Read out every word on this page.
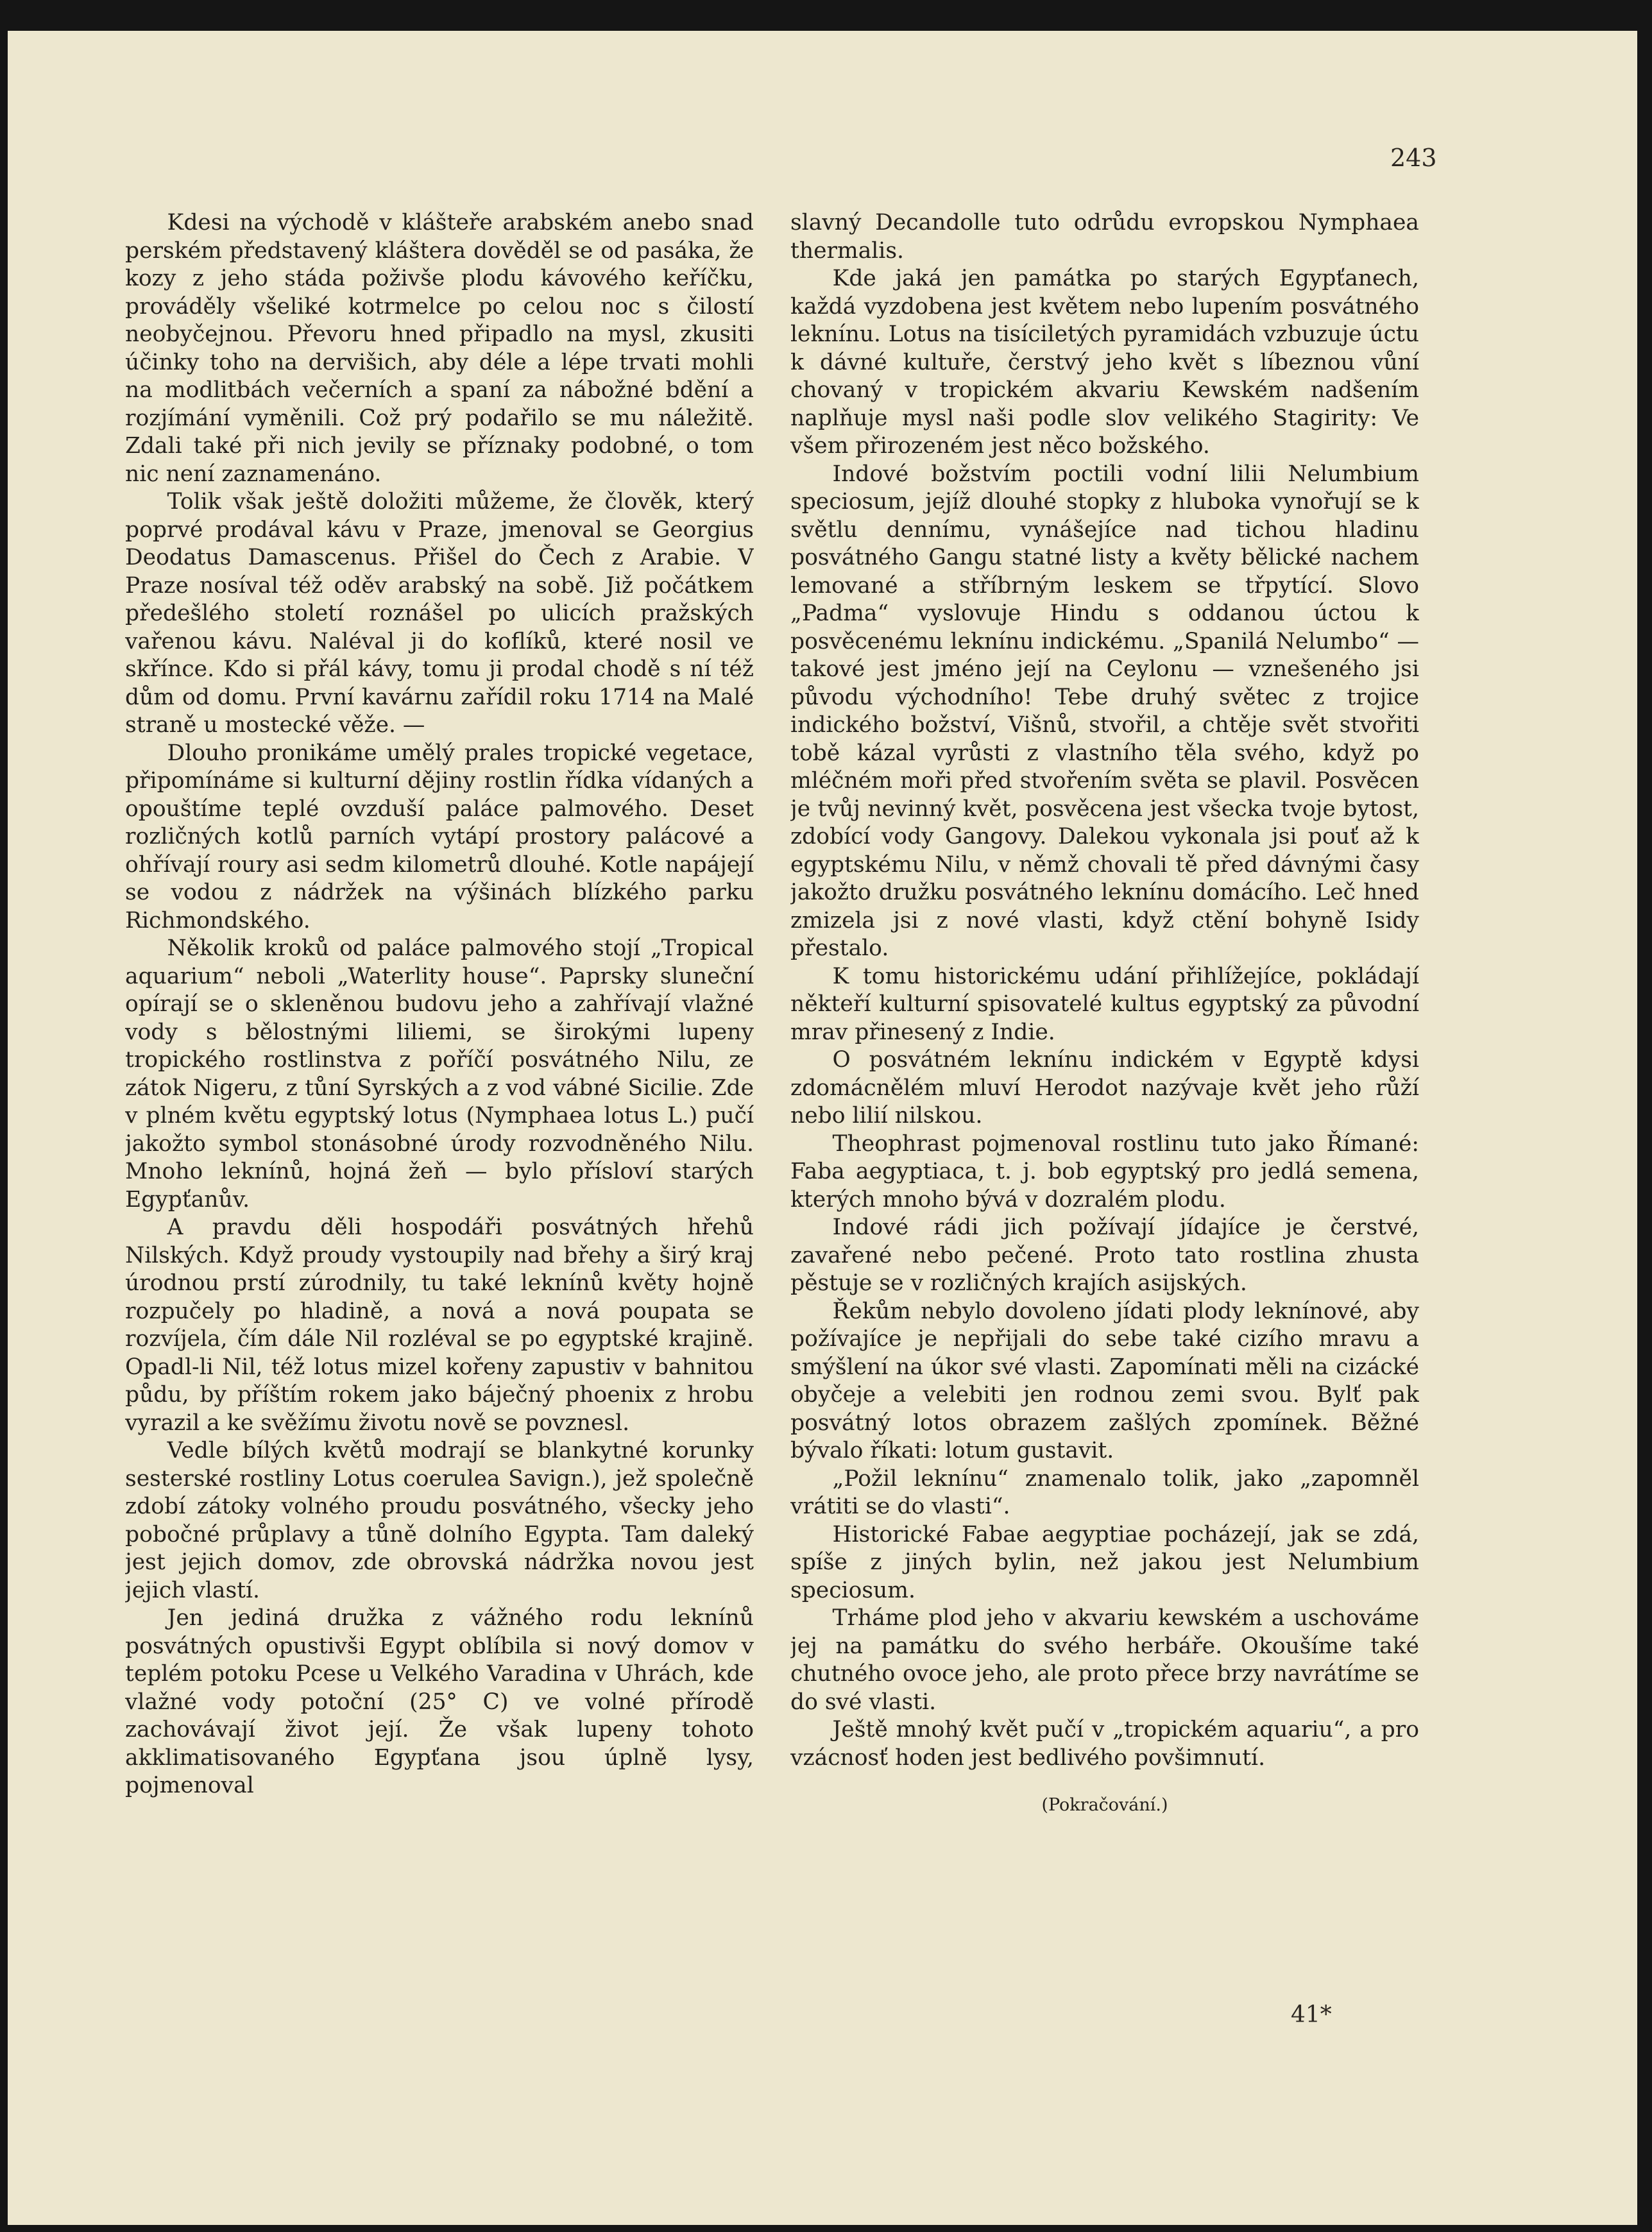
243

Kdesi na východě v klášteře arabském anebo snad perském představený kláštera dověděl se od pasáka, že kozy z jeho stáda poživše plodu kávového keříčku, prováděly všeliké kotrmelce po celou noc s čilostí neobyčejnou. Převoru hned připadlo na mysl, zkusiti účinky toho na dervišich, aby déle a lépe trvati mohli na modlitbách večerních a spaní za nábožné bdění a rozjímání vyměnili. Což prý podařilo se mu náležitě. Zdali také při nich jevily se příznaky podobné, o tom nic není zaznamenáno.

Tolik však ještě doložiti můžeme, že člověk, který poprvé prodával kávu v Praze, jmenoval se Georgius Deodatus Damascenus. Přišel do Čech z Arabie. V Praze nosíval též oděv arabský na sobě. Již počátkem předešlého století roznášel po ulicích pražských vařenou kávu. Naléval ji do koflíků, které nosil ve skřínce. Kdo si přál kávy, tomu ji prodal chodě s ní též dům od domu. První kavárnu zařídil roku 1714 na Malé straně u mostecké věže. —

Dlouho pronikáme umělý prales tropické vegetace, připomínáme si kulturní dějiny rostlin řídka vídaných a opouštíme teplé ovzduší paláce palmového. Deset rozličných kotlů parních vytápí prostory palácové a ohřívají roury asi sedm kilometrů dlouhé. Kotle napájejí se vodou z nádržek na výšinách blízkého parku Richmondského.

Několik kroků od paláce palmového stojí „Tropical aquarium“ neboli „Waterlity house“. Paprsky sluneční opírají se o skleněnou budovu jeho a zahřívají vlažné vody s bělostnými liliemi, se širokými lupeny tropického rostlinstva z poříčí posvátného Nilu, ze zátok Nigeru, z tůní Syrských a z vod vábné Sicilie. Zde v plném květu egyptský lotus (Nymphaea lotus L.) pučí jakožto symbol stonásobné úrody rozvodněného Nilu. Mnoho leknínů, hojná žeň — bylo přísloví starých Egypťanův.

A pravdu děli hospodáři posvátných hřehů Nilských. Když proudy vystoupily nad břehy a širý kraj úrodnou prstí zúrodnily, tu také leknínů květy hojně rozpučely po hladině, a nová a nová poupata se rozvíjela, čím dále Nil rozléval se po egyptské krajině. Opadl-li Nil, též lotus mizel kořeny zapustiv v bahnitou půdu, by příštím rokem jako báječný phoenix z hrobu vyrazil a ke svěžímu životu nově se povznesl.

Vedle bílých květů modrají se blankytné korunky sesterské rostliny Lotus coerulea Savign.), jež společně zdobí zátoky volného proudu posvátného, všecky jeho pobočné průplavy a tůně dolního Egypta. Tam daleký jest jejich domov, zde obrovská nádržka novou jest jejich vlastí.

Jen jediná družka z vážného rodu leknínů posvátných opustivši Egypt oblíbila si nový domov v teplém potoku Pcese u Velkého Varadina v Uhrách, kde vlažné vody potoční (25° C) ve volné přírodě zachovávají život její. Že však lupeny tohoto akklimatisovaného Egypťana jsou úplně lysy, pojmenoval

slavný Decandolle tuto odrůdu evropskou Nymphaea thermalis.

Kde jaká jen památka po starých Egypťanech, každá vyzdobena jest květem nebo lupením posvátného leknínu. Lotus na tisíciletých pyramidách vzbuzuje úctu k dávné kultuře, čerstvý jeho květ s líbeznou vůní chovaný v tropickém akvariu Kewském nadšením naplňuje mysl naši podle slov velikého Stagirity: Ve všem přirozeném jest něco božského.

Indové božstvím poctili vodní lilii Nelumbium speciosum, jejíž dlouhé stopky z hluboka vynořují se k světlu dennímu, vynášejíce nad tichou hladinu posvátného Gangu statné listy a květy bělické nachem lemované a stříbrným leskem se třpytící. Slovo „Padma“ vyslovuje Hindu s oddanou úctou k posvěcenému leknínu indickému. „Spanilá Nelumbo“ — takové jest jméno její na Ceylonu — vznešeného jsi původu východního! Tebe druhý světec z trojice indického božství, Višnů, stvořil, a chtěje svět stvořiti tobě kázal vyrůsti z vlastního těla svého, když po mléčném moři před stvořením světa se plavil. Posvěcen je tvůj nevinný květ, posvěcena jest všecka tvoje bytost, zdobící vody Gangovy. Dalekou vykonala jsi pouť až k egyptskému Nilu, v němž chovali tě před dávnými časy jakožto družku posvátného leknínu domácího. Leč hned zmizela jsi z nové vlasti, když ctění bohyně Isidy přestalo.

K tomu historickému udání přihlížejíce, pokládají někteří kulturní spisovatelé kultus egyptský za původní mrav přinesený z Indie.

O posvátném leknínu indickém v Egyptě kdysi zdomácnělém mluví Herodot nazývaje květ jeho růží nebo lilií nilskou.

Theophrast pojmenoval rostlinu tuto jako Římané: Faba aegyptiaca, t. j. bob egyptský pro jedlá semena, kterých mnoho bývá v dozralém plodu.

Indové rádi jich požívají jídajíce je čerstvé, zavařené nebo pečené. Proto tato rostlina zhusta pěstuje se v rozličných krajích asijských.

Řekům nebylo dovoleno jídati plody leknínové, aby požívajíce je nepřijali do sebe také cizího mravu a smýšlení na úkor své vlasti. Zapomínati měli na cizácké obyčeje a velebiti jen rodnou zemi svou. Bylť pak posvátný lotos obrazem zašlých zpomínek. Běžné bývalo říkati: lotum gustavit.

„Požil leknínu“ znamenalo tolik, jako „zapomněl vrátiti se do vlasti“.

Historické Fabae aegyptiae pocházejí, jak se zdá, spíše z jiných bylin, než jakou jest Nelumbium speciosum.

Trháme plod jeho v akvariu kewském a uschováme jej na památku do svého herbáře. Okoušíme také chutného ovoce jeho, ale proto přece brzy navrátíme se do své vlasti.

Ještě mnohý květ pučí v „tropickém aquariu“, a pro vzácnosť hoden jest bedlivého povšimnutí.

(Pokračování.)
41*
